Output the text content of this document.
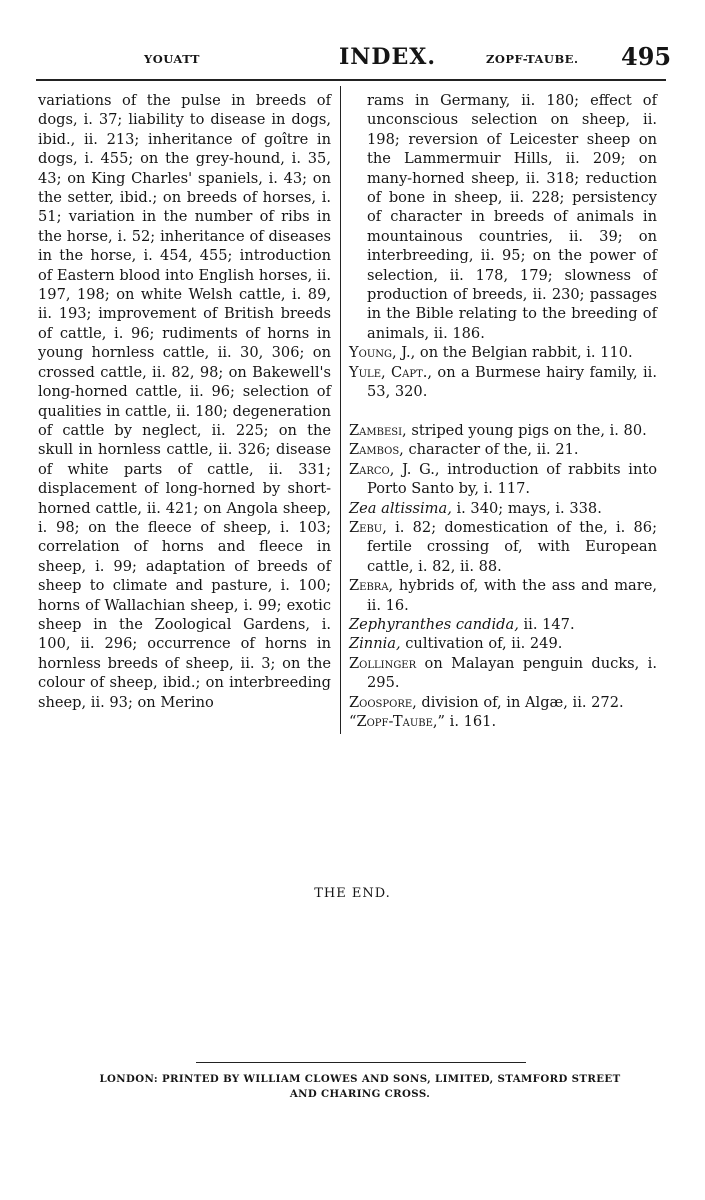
YOUATT	INDEX.	ZOPF-TAUBE. 495

variations of the pulse in breeds of dogs, i. 37; liability to disease in dogs, ibid., ii. 213; inheritance of goître in dogs, i. 455; on the grey-hound, i. 35, 43; on King Charles' spaniels, i. 43; on the setter, ibid.; on breeds of horses, i. 51; variation in the number of ribs in the horse, i. 52; inheritance of diseases in the horse, i. 454, 455; introduction of Eastern blood into English horses, ii. 197, 198; on white Welsh cattle, i. 89, ii. 193; improvement of British breeds of cattle, i. 96; rudiments of horns in young hornless cattle, ii. 30, 306; on crossed cattle, ii. 82, 98; on Bakewell's long-horned cattle, ii. 96; selection of qualities in cattle, ii. 180; degeneration of cattle by neglect, ii. 225; on the skull in hornless cattle, ii. 326; disease of white parts of cattle, ii. 331; displacement of long-horned by short-horned cattle, ii. 421; on Angola sheep, i. 98; on the fleece of sheep, i. 103; correlation of horns and fleece in sheep, i. 99; adaptation of breeds of sheep to climate and pasture, i. 100; horns of Wallachian sheep, i. 99; exotic sheep in the Zoological Gardens, i. 100, ii. 296; occurrence of horns in hornless breeds of sheep, ii. 3; on the colour of sheep, ibid.; on interbreeding sheep, ii. 93; on Merino

rams in Germany, ii. 180; effect of unconscious selection on sheep, ii. 198; reversion of Leicester sheep on the Lammermuir Hills, ii. 209; on many-horned sheep, ii. 318; reduction of bone in sheep, ii. 228; persistency of character in breeds of animals in mountainous countries, ii. 39; on interbreeding, ii. 95; on the power of selection, ii. 178, 179; slowness of production of breeds, ii. 230; passages in the Bible relating to the breeding of animals, ii. 186.

Young, J., on the Belgian rabbit, i. 110.

Yule, Capt., on a Burmese hairy family, ii. 53, 320.

Zambesi, striped young pigs on the, i. 80.

Zambos, character of the, ii. 21.

Zarco, J. G., introduction of rabbits into Porto Santo by, i. 117.

Zea altissima, i. 340; mays, i. 338.

Zebu, i. 82; domestication of the, i. 86; fertile crossing of, with European cattle, i. 82, ii. 88.

Zebra, hybrids of, with the ass and mare, ii. 16.

Zephyranthes candida, ii. 147.

Zinnia, cultivation of, ii. 249.

Zollinger on Malayan penguin ducks, i. 295.

Zoospore, division of, in Algæ, ii. 272.

“Zopf-Taube,” i. 161.

THE END.
LONDON: PRINTED BY WILLIAM CLOWES AND SONS, LIMITED, STAMFORD STREET
AND CHARING CROSS.
